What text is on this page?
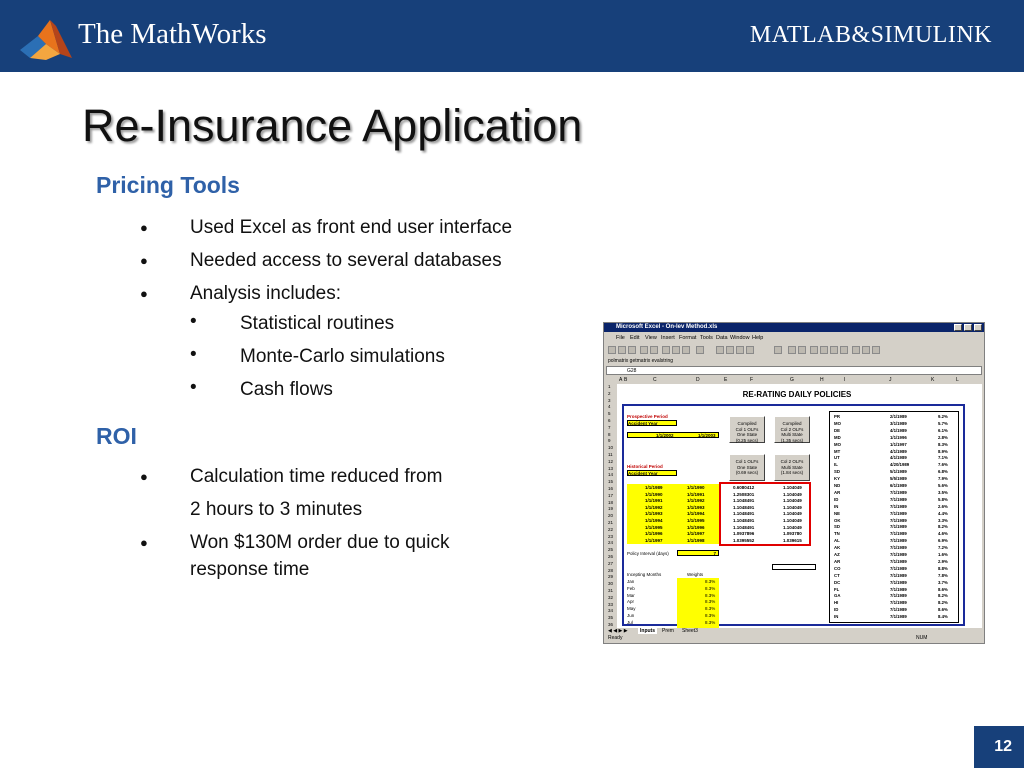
The MathWorks	MATLAB&SIMULINK
Re-Insurance Application
Pricing Tools
● Used Excel as front end user interface
● Needed access to several databases
● Analysis includes:
• Statistical routines
• Monte-Carlo simulations
• Cash flows
ROI
● Calculation time reduced from
2 hours to 3 minutes
● Won $130M order due to quick
response time
Microsoft Excel - On-lev Method.xls
File Edit View Insert Format Tools Data Window Help
polmatrix getmatrix evalstring
G28
A B	C	D	E	F	G	H	I	J	K	L
1
2
3
4
5
6
7
8
9
10
11
12
13
14
15
16
17
18
19
20
21
22
23
24
25
26
27
28
29
30
31
32
33
34
35
36
RE-RATING DAILY POLICIES
Compiled
Col 1 OLFs
One State
(0.25 secs)
Compiled
Col 2 OLFs
Multi State
(1.35 secs)
Col 1 OLFs
One State
(0.69 secs)
Col 2 OLFs
Multi State
(1.84 secs)
Prospective Period
Accident Year
1/1/2002	1/1/2003
Historical Period
Accident Year
1/1/1989	1/1/1990	0.6080412	1.104049
1/1/1990	1/1/1991	1.2508301	1.104049
1/1/1991	1/1/1992	1.1048491	1.104049
1/1/1992	1/1/1993	1.1048491	1.104049
1/1/1993	1/1/1994	1.1048491	1.104049
1/1/1994	1/1/1995	1.1048491	1.104049
1/1/1995	1/1/1996	1.1048491	1.104049
1/1/1996	1/1/1997	1.0937896	1.093780
1/1/1997	1/1/1998	1.0395552	1.039615
Policy Interval (days)	7
Incepting Months	Weights
Jan	8.3%
Feb	8.3%
Mar	8.3%
Apr	8.3%
May	8.3%
Jun	8.3%
Jul	8.3%
PR	2/1/1989	9.2%
MO	3/1/1989	5.7%
DE	4/1/1989	6.1%
MD	1/1/1996	2.8%
MO	1/1/1997	8.3%
MT	4/1/1989	8.9%
UT	4/1/1989	7.1%
IL	4/20/1989	7.6%
SD	5/1/1989	6.8%
KY	5/5/1989	7.9%
ND	6/1/1989	5.6%
AR	7/1/1989	3.5%
ID	7/1/1989	5.8%
IN	7/1/1989	2.6%
NE	7/1/1989	4.4%
OK	7/1/1989	3.3%
SD	7/1/1989	8.2%
TN	7/1/1989	4.6%
AL	7/1/1989	6.9%
AK	7/1/1989	7.2%
AZ	7/1/1989	1.6%
AR	7/1/1989	2.9%
CO	7/1/1989	8.8%
CT	7/1/1989	7.8%
DC	7/1/1989	3.7%
FL	7/1/1989	8.6%
GA	7/1/1989	8.2%
HI	7/1/1989	8.2%
ID	7/1/1989	8.6%
IN	7/1/1989	8.4%
◀ ◀ ▶ ▶	Inputs	Prem Sheet3
Ready	NUM
12
